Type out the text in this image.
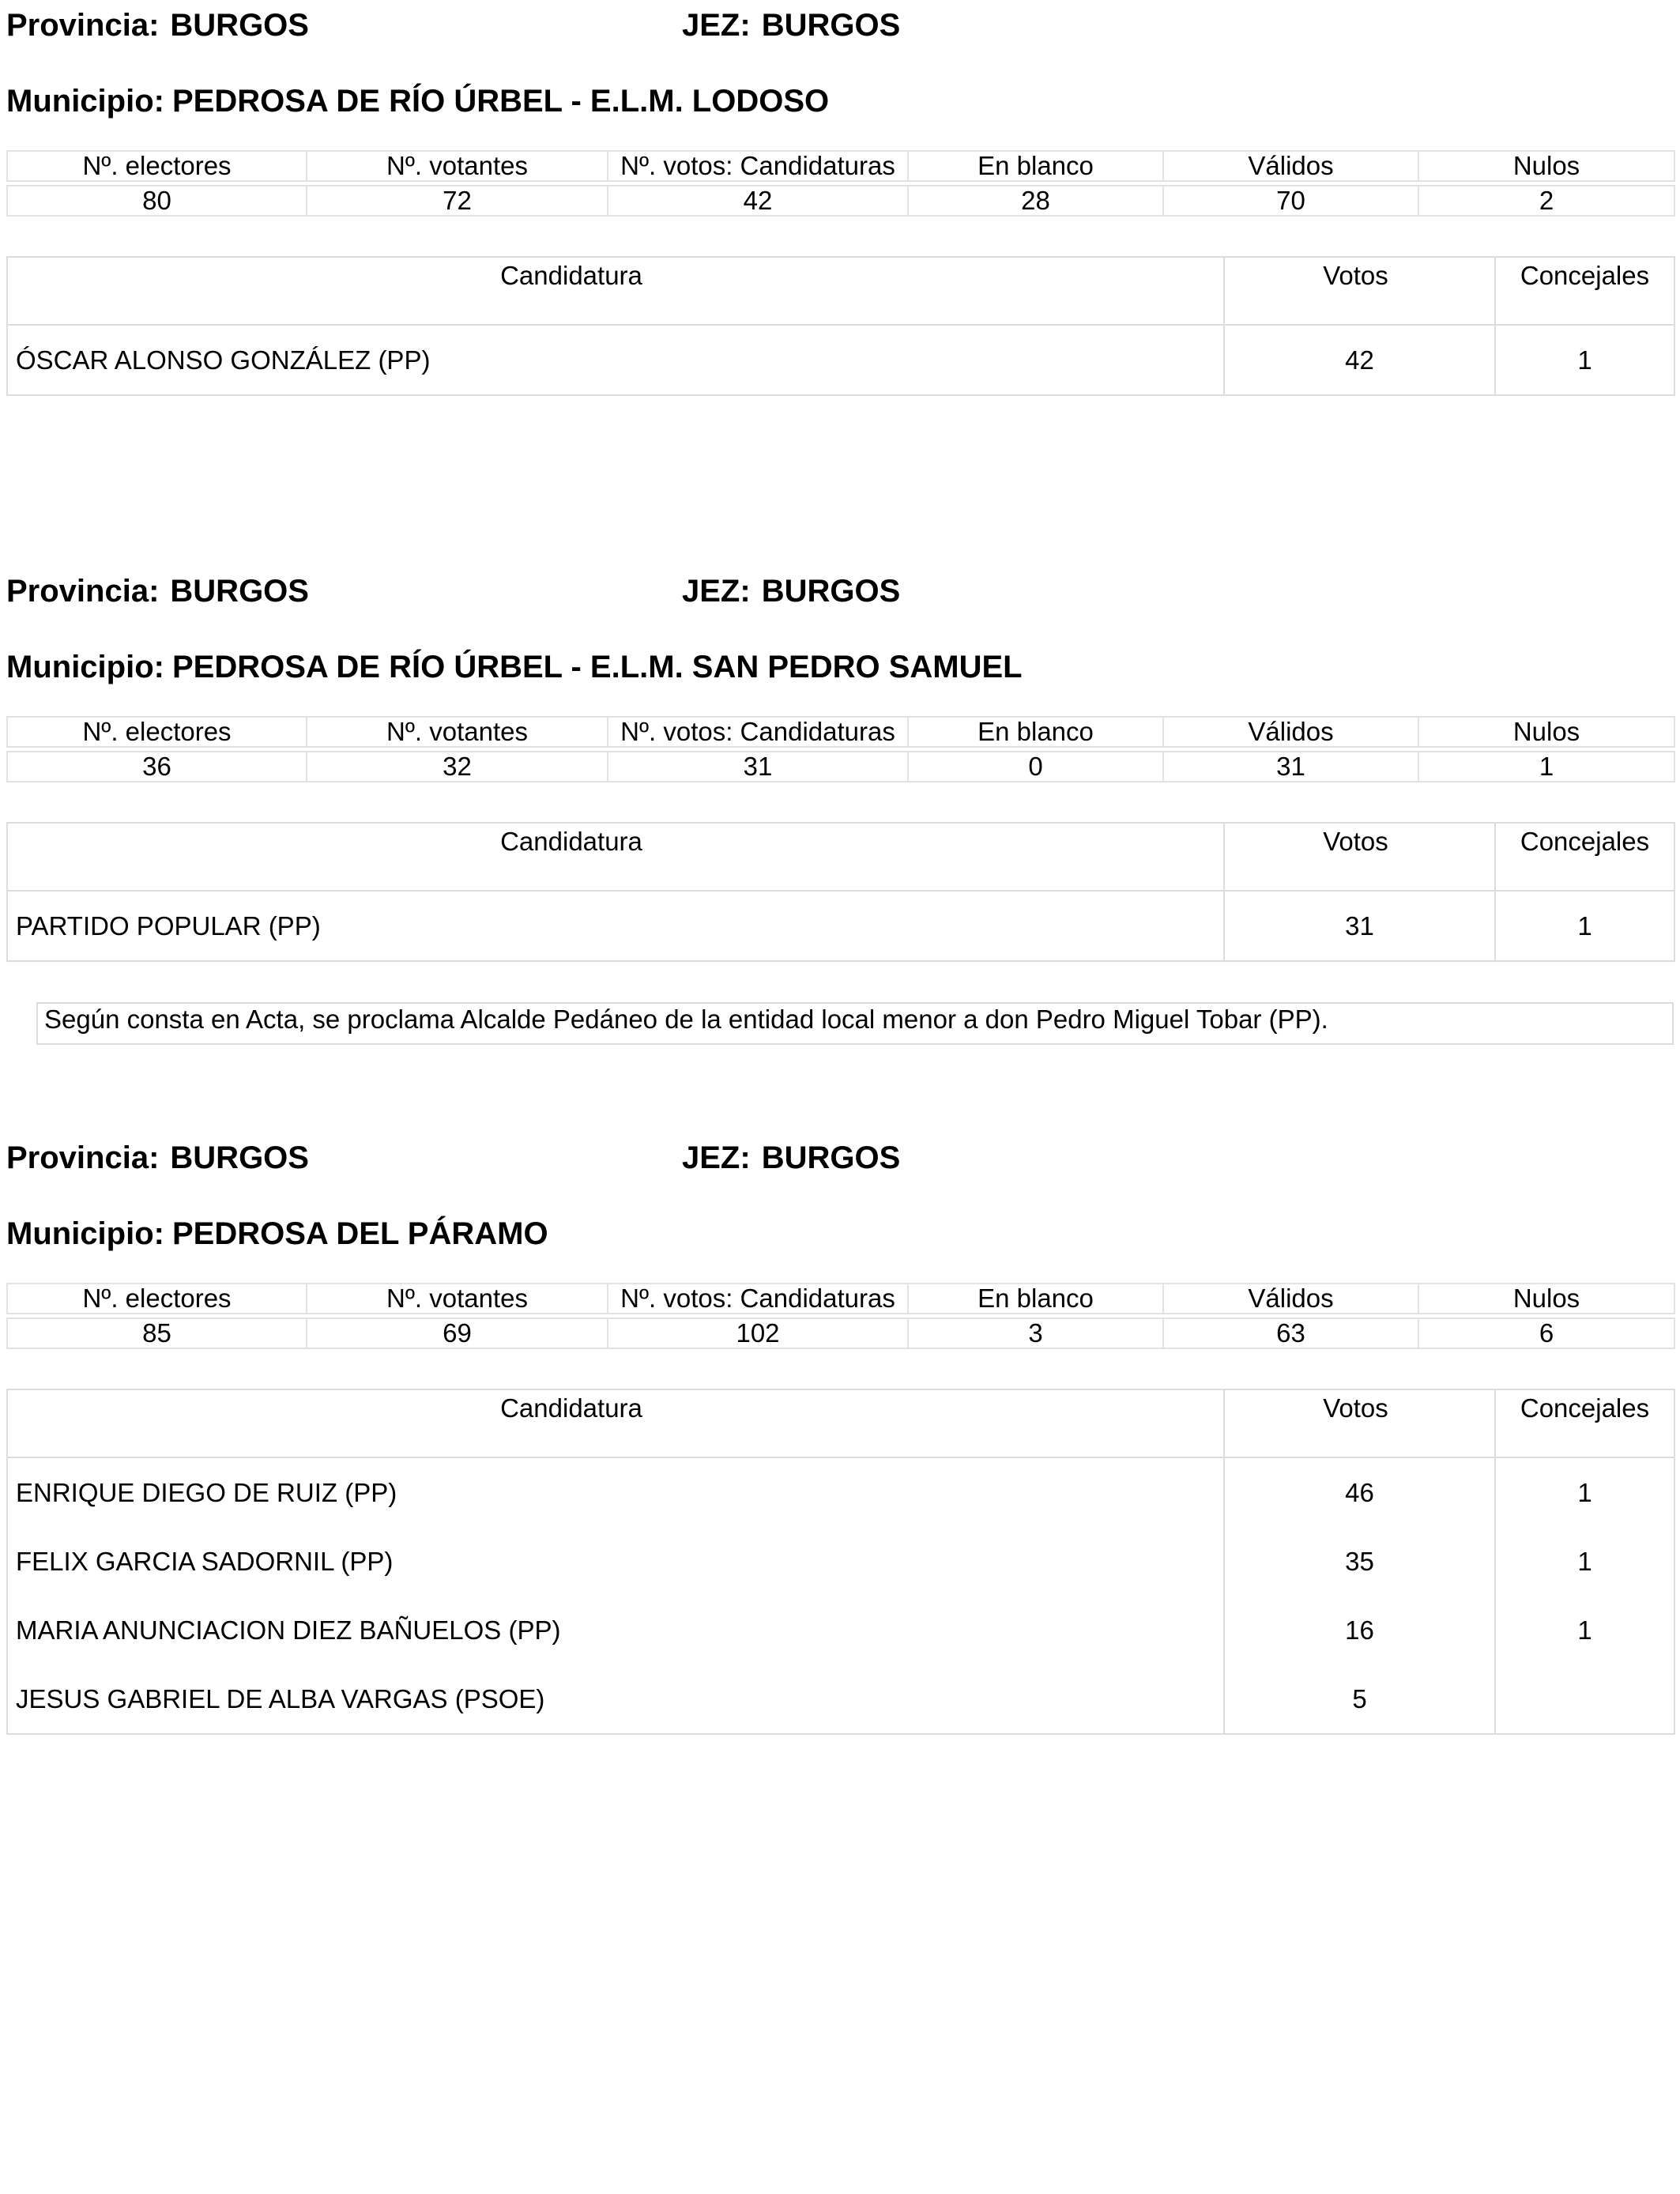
Provincia: BURGOS	JEZ: BURGOS
Municipio: PEDROSA DE RÍO ÚRBEL - E.L.M. LODOSO
Nº. electores	Nº. votantes	Nº. votos: Candidaturas	En blanco	Válidos	Nulos

80	72	42	28	70	2
Candidatura	Votos	Concejales
ÓSCAR ALONSO GONZÁLEZ (PP)	42	1
Provincia: BURGOS	JEZ: BURGOS
Municipio: PEDROSA DE RÍO ÚRBEL - E.L.M. SAN PEDRO SAMUEL
Nº. electores	Nº. votantes	Nº. votos: Candidaturas	En blanco	Válidos	Nulos

36	32	31	0	31	1
Candidatura	Votos	Concejales
PARTIDO POPULAR (PP)	31	1
Según consta en Acta, se proclama Alcalde Pedáneo de la entidad local menor a don Pedro Miguel Tobar (PP).
Provincia: BURGOS	JEZ: BURGOS
Municipio: PEDROSA DEL PÁRAMO
Nº. electores	Nº. votantes	Nº. votos: Candidaturas	En blanco	Válidos	Nulos

85	69	102	3	63	6
Candidatura	Votos	Concejales
ENRIQUE DIEGO DE RUIZ (PP)	46	1
FELIX GARCIA SADORNIL (PP)	35	1
MARIA ANUNCIACION DIEZ BAÑUELOS (PP)	16	1
JESUS GABRIEL DE ALBA VARGAS (PSOE)	5	
